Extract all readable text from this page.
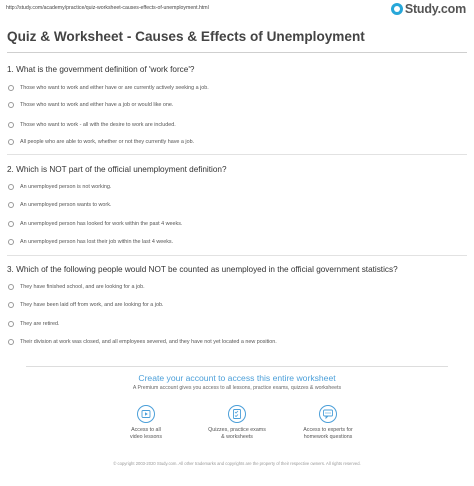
http://study.com/academy/practice/quiz-worksheet-causes-effects-of-unemployment.html	Study.com
Quiz & Worksheet - Causes & Effects of Unemployment
1. What is the government definition of 'work force'?
Those who want to work and either have or are currently actively seeking a job.
Those who want to work and either have a job or would like one.
Those who want to work - all with the desire to work are included.
All people who are able to work, whether or not they currently have a job.
2. Which is NOT part of the official unemployment definition?
An unemployed person is not working.
An unemployed person wants to work.
An unemployed person has looked for work within the past 4 weeks.
An unemployed person has lost their job within the last 4 weeks.
3. Which of the following people would NOT be counted as unemployed in the official government statistics?
They have finished school, and are looking for a job.
They have been laid off from work, and are looking for a job.
They are retired.
Their division at work was closed, and all employees severed, and they have not yet located a new position.
Create your account to access this entire worksheet
A Premium account gives you access to all lessons, practice exams, quizzes & worksheets
Access to all
video lessons
Quizzes, practice exams
& worksheets
Access to experts for
homework questions
© copyright 2003-2020 Study.com. All other trademarks and copyrights are the property of their respective owners. All rights reserved.
